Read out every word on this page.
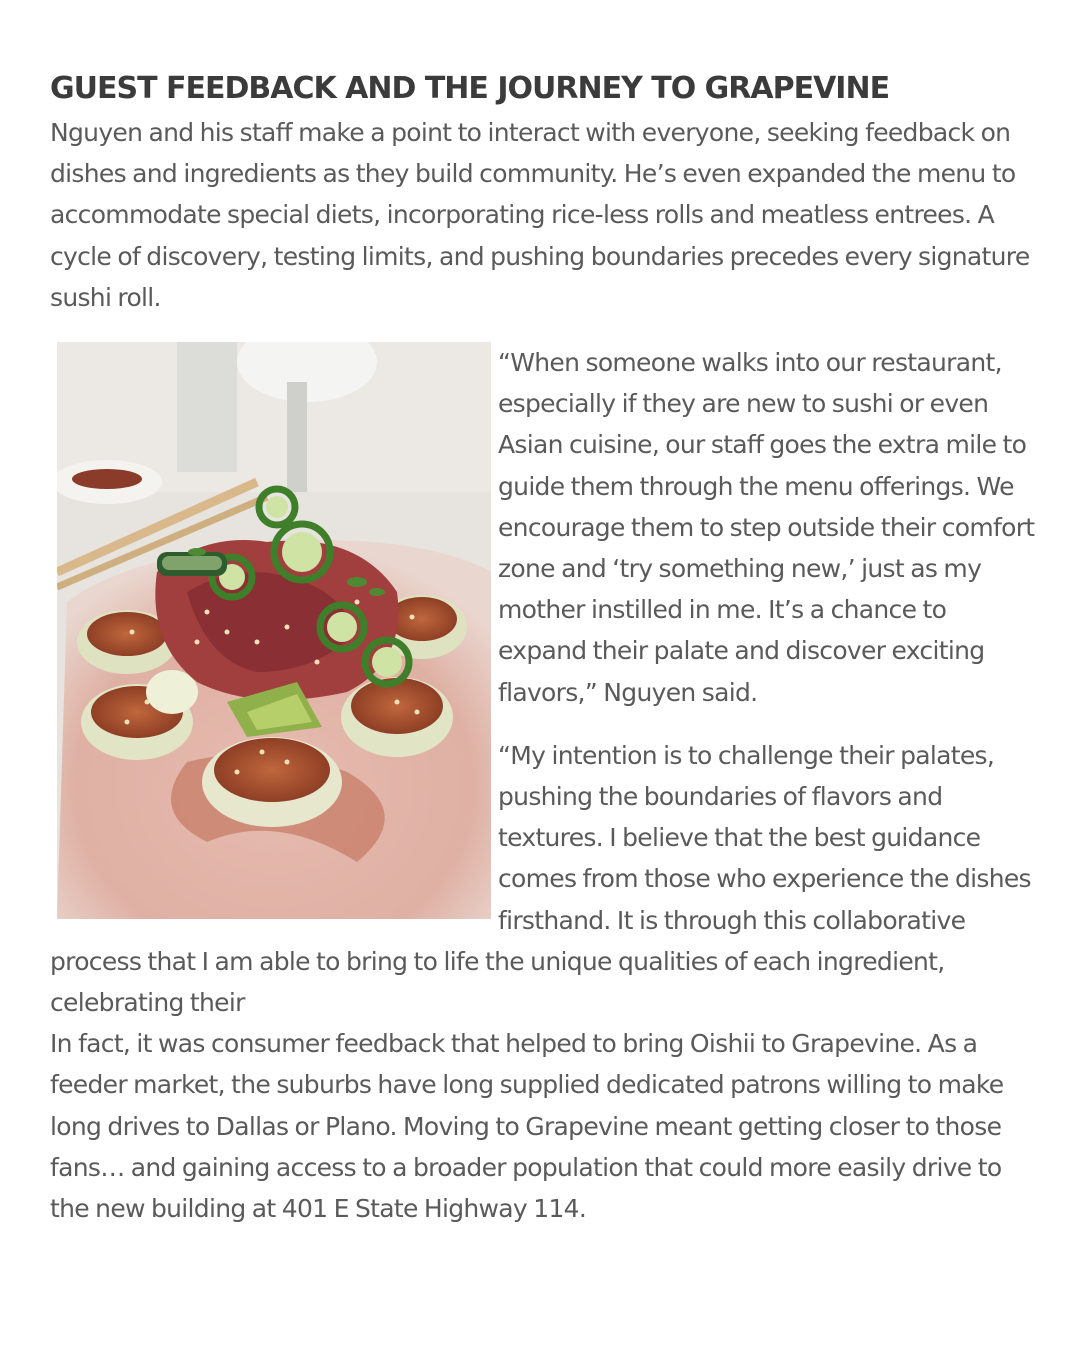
GUEST FEEDBACK AND THE JOURNEY TO GRAPEVINE

Nguyen and his staff make a point to interact with everyone, seeking feedback on dishes and ingredients as they build community. He’s even expanded the menu to accommodate special diets, incorporating rice-less rolls and meatless entrees. A cycle of discovery, testing limits, and pushing boundaries precedes every signature sushi roll.

“When someone walks into our restaurant, especially if they are new to sushi or even Asian cuisine, our staff goes the extra mile to guide them through the menu offerings. We encourage them to step outside their comfort zone and ‘try something new,’ just as my mother instilled in me. It’s a chance to expand their palate and discover exciting flavors,” Nguyen said.

“My intention is to challenge their palates, pushing the boundaries of flavors and textures. I believe that the best guidance comes from those who experience the dishes firsthand. It is through this collaborative process that I am able to bring to life the unique qualities of each ingredient, celebrating their

In fact, it was consumer feedback that helped to bring Oishii to Grapevine. As a feeder market, the suburbs have long supplied dedicated patrons willing to make long drives to Dallas or Plano. Moving to Grapevine meant getting closer to those fans… and gaining access to a broader population that could more easily drive to the new building at 401 E State Highway 114.
